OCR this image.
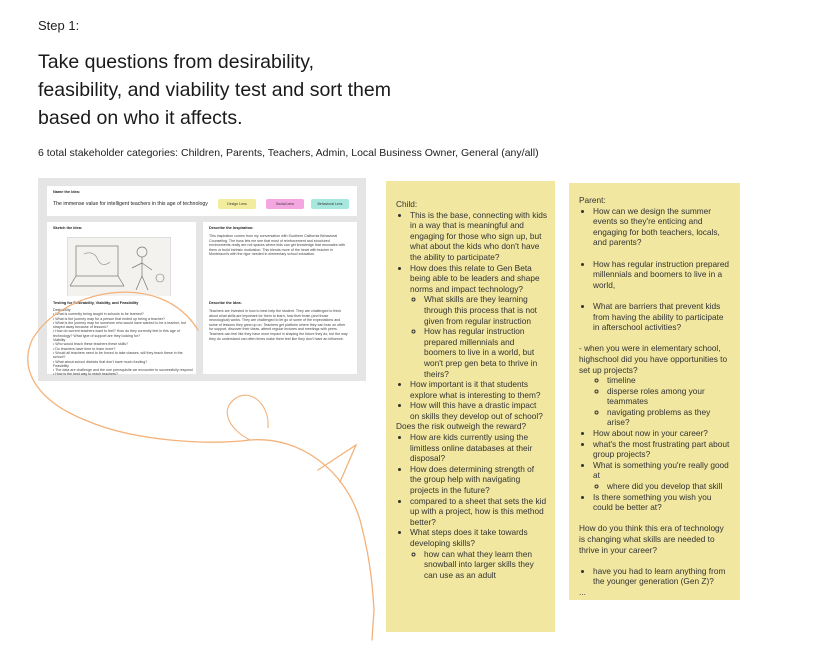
Step 1:
Take questions from desirability,
feasibility, and viability test and sort them
based on who it affects.
6 total stakeholder categories: Children, Parents, Teachers, Admin, Local Business Owner, General (any/all)
Name the Idea:
The immense value for intelligent teachers in this age of technology	Design Lens	Social Lens	Behavioral Lens
Sketch the Idea:	Describe the Inspiration:
This inspiration comes from my conversation with Southern California Behavioral Counseling. The boss lets me see that most of reinforcement and structured environments really are not spaces where kids can get knowledge that resonates with them or build intrinsic motivation. This blends more of the heart with teacher in Montessori's with the rigor needed in elementary school education.
Testing for Desirability, Viability, and Feasibility
Desirability
• What is currently being taught in schools to be learned?
• What is the journey map for a person that ended up being a teacher?
• What is the journey map for someone who would have wanted to be a teacher, but strayed away because of lessons?
• How do current teachers want to feel? How do they currently feel in this age of technology? What type of support are they looking for?
Viability
• Who would teach these teachers these skills?
• Do teachers have time to learn more?
• Would all teachers need to be forced to take classes, will they teach these in the school?
• What about school districts that don't have much funding?
Feasibility
• The data are challenge and the one prerequisite we encounter to successfully respond
• How is the best way to reach teachers?
Describe the Idea:
Teachers are invested in how to best help the student. They are challenged to think about what skills are important for them to learn, how their brain (and those neurological) works. They are challenged to let go of some of the expectations and some of lessons they grew up on. Teachers get platform where they can lean on other for support, discover their ideas, attend regular lectures and meetings with peers. Teachers can feel like they have more impact in shaping the future they do, but the way they do understand can often times make them feel like they don't have an influence.
Child:
• This is the base, connecting with kids in a way that is meaningful and engaging for those who sign up, but what about the kids who don't have the ability to participate?
• How does this relate to Gen Beta being able to be leaders and shape norms and impact technology?
◦ What skills are they learning through this process that is not given from regular instruction
◦ How has regular instruction prepared millennials and boomers to live in a world, but won't prep gen beta to thrive in theirs?
• How important is it that students explore what is interesting to them?
• How will this have a drastic impact on skills they develop out of school?
Does the risk outweigh the reward?
• How are kids currently using the limitless online databases at their disposal?
• How does determining strength of the group help with navigating projects in the future?
• compared to a sheet that sets the kid up with a project, how is this method better?
• What steps does it take towards developing skills?
◦ how can what they learn then snowball into larger skills they can use as an adult
Parent:
• How can we design the summer events so they're enticing and engaging for both teachers, locals, and parents?
• How has regular instruction prepared millennials and boomers to live in a world,
• What are barriers that prevent kids from having the ability to participate in afterschool activities?
- when you were in elementary school, highschool did you have opportunities to set up projects?
◦ timeline
◦ disperse roles among your teammates
◦ navigating problems as they arise?
• How about now in your career?
• what's the most frustrating part about group projects?
• What is something you're really good at
◦ where did you develop that skill
• Is there something you wish you could be better at?
How do you think this era of technology is changing what skills are needed to thrive in your career?
• have you had to learn anything from the younger generation (Gen Z)?
...
